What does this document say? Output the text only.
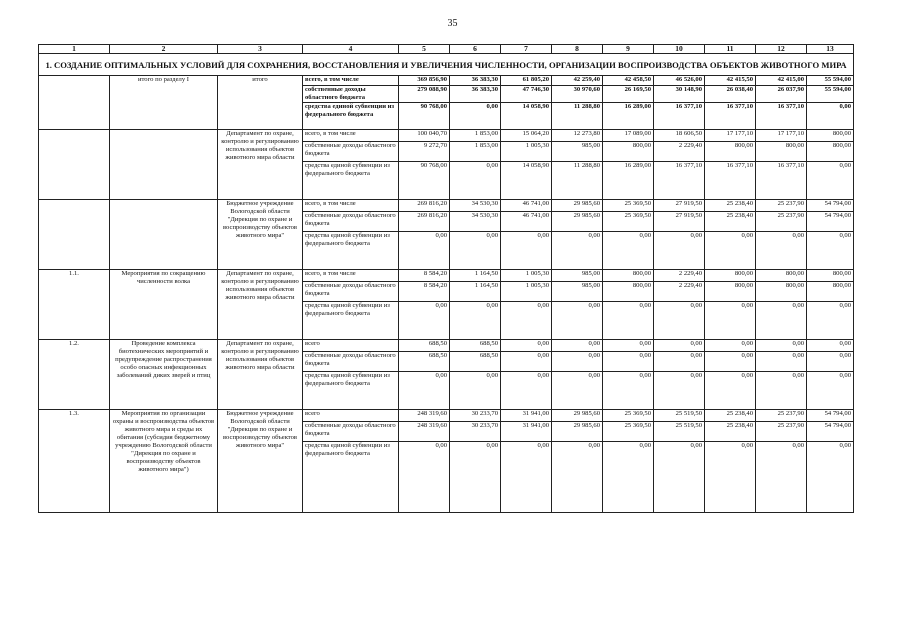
35
1	2	3	4	5	6	7	8	9	10	11	12	13
1. СОЗДАНИЕ ОПТИМАЛЬНЫХ УСЛОВИЙ ДЛЯ СОХРАНЕНИЯ, ВОССТАНОВЛЕНИЯ И УВЕЛИЧЕНИЯ ЧИСЛЕННОСТИ, ОРГАНИЗАЦИИ ВОСПРОИЗВОДСТВА ОБЪЕКТОВ ЖИВОТНОГО МИРА												
	итого по разделу I	итого	всего, в том числе	369 856,90	36 383,30	61 805,20	42 259,40	42 458,50	46 526,00	42 415,50	42 415,00	55 594,00
			собственные доходы областного бюджета	279 088,90	36 383,30	47 746,30	30 970,60	26 169,50	30 148,90	26 038,40	26 037,90	55 594,00
			средства единой субвенции из федерального бюджета	90 768,00	0,00	14 058,90	11 288,80	16 289,00	16 377,10	16 377,10	16 377,10	0,00
		Департамент по охране, контролю и регулированию использования объектов животного мира области	всего, в том числе	100 040,70	1 853,00	15 064,20	12 273,80	17 089,00	18 606,50	17 177,10	17 177,10	800,00
			собственные доходы областного бюджета	9 272,70	1 853,00	1 005,30	985,00	800,00	2 229,40	800,00	800,00	800,00
			средства единой субвенции из федерального бюджета	90 768,00	0,00	14 058,90	11 288,80	16 289,00	16 377,10	16 377,10	16 377,10	0,00
		Бюджетное учреждение Вологодской области "Дирекция по охране и воспроизводству объектов животного мира"	всего, в том числе	269 816,20	34 530,30	46 741,00	29 985,60	25 369,50	27 919,50	25 238,40	25 237,90	54 794,00
			собственные доходы областного бюджета	269 816,20	34 530,30	46 741,00	29 985,60	25 369,50	27 919,50	25 238,40	25 237,90	54 794,00
			средства единой субвенции из федерального бюджета	0,00	0,00	0,00	0,00	0,00	0,00	0,00	0,00	0,00
1.1.	Мероприятия по сокращению численности волка	Департамент по охране, контролю и регулированию использования объектов животного мира области	всего, в том числе	8 584,20	1 164,50	1 005,30	985,00	800,00	2 229,40	800,00	800,00	800,00
			собственные доходы областного бюджета	8 584,20	1 164,50	1 005,30	985,00	800,00	2 229,40	800,00	800,00	800,00
			средства единой субвенции из федерального бюджета	0,00	0,00	0,00	0,00	0,00	0,00	0,00	0,00	0,00
1.2.	Проведение комплекса биотехнических мероприятий и предупреждение распространения особо опасных инфекционных заболеваний диких зверей и птиц	Департамент по охране, контролю и регулированию использования объектов животного мира области	всего	688,50	688,50	0,00	0,00	0,00	0,00	0,00	0,00	0,00
			собственные доходы областного бюджета	688,50	688,50	0,00	0,00	0,00	0,00	0,00	0,00	0,00
			средства единой субвенции из федерального бюджета	0,00	0,00	0,00	0,00	0,00	0,00	0,00	0,00	0,00
1.3.	Мероприятия по организации охраны и воспроизводства объектов животного мира и среды их обитания (субсидия бюджетному учреждению Вологодской области "Дирекция по охране и воспроизводству объектов животного мира")	Бюджетное учреждение Вологодской области "Дирекция по охране и воспроизводству объектов животного мира"	всего	248 319,60	30 233,70	31 941,00	29 985,60	25 369,50	25 519,50	25 238,40	25 237,90	54 794,00
			собственные доходы областного бюджета	248 319,60	30 233,70	31 941,00	29 985,60	25 369,50	25 519,50	25 238,40	25 237,90	54 794,00
			средства единой субвенции из федерального бюджета	0,00	0,00	0,00	0,00	0,00	0,00	0,00	0,00	0,00
